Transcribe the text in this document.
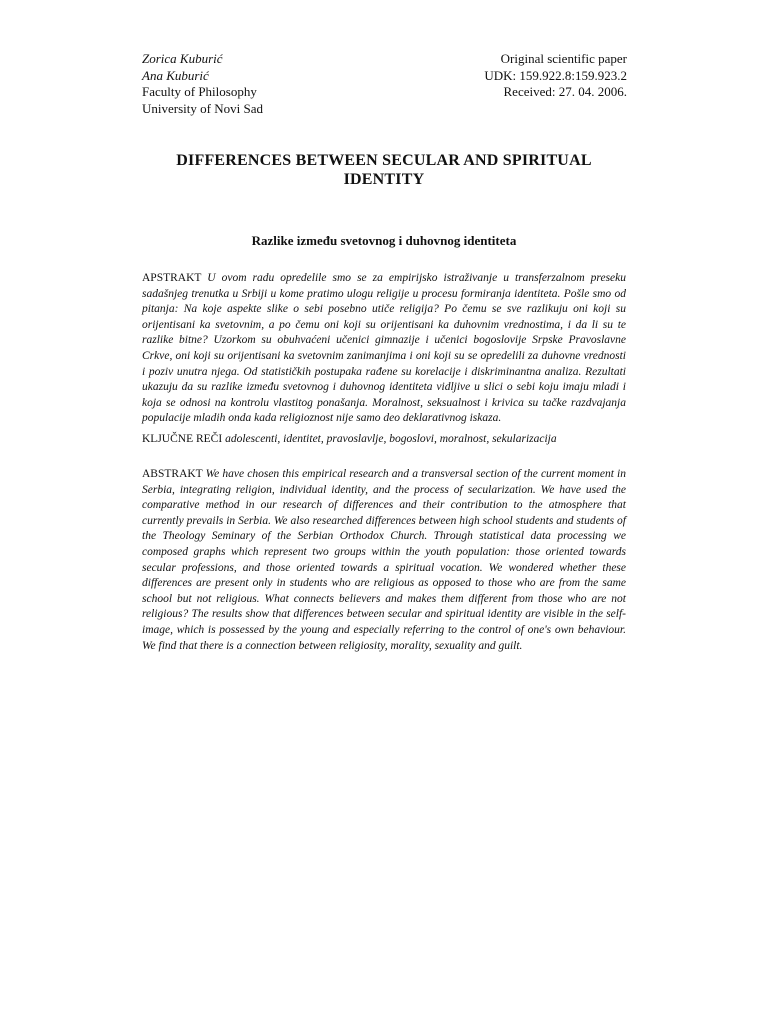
Zorica Kuburić
Ana Kuburić
Faculty of Philosophy
University of Novi Sad
Original scientific paper
UDK: 159.922.8:159.923.2
Received: 27. 04. 2006.
DIFFERENCES BETWEEN SECULAR AND SPIRITUAL IDENTITY
Razlike između svetovnog i duhovnog identiteta
APSTRAKT U ovom radu opredelile smo se za empirijsko istraživanje u transferzalnom preseku sadašnjeg trenutka u Srbiji u kome pratimo ulogu religije u procesu formiranja identiteta. Pošle smo od pitanja: Na koje aspekte slike o sebi posebno utiče religija? Po čemu se sve razlikuju oni koji su orijentisani ka svetovnim, a po čemu oni koji su orijentisani ka duhovnim vrednostima, i da li su te razlike bitne? Uzorkom su obuhvaćeni učenici gimnazije i učenici bogoslovije Srpske Pravoslavne Crkve, oni koji su orijentisani ka svetovnim zanimanjima i oni koji su se opredelili za duhovne vrednosti i poziv unutra njega. Od statističkih postupaka rađene su korelacije i diskriminantna analiza. Rezultati ukazuju da su razlike između svetovnog i duhovnog identiteta vidljive u slici o sebi koju imaju mladi i koja se odnosi na kontrolu vlastitog ponašanja. Moralnost, seksualnost i krivica su tačke razdvajanja populacije mladih onda kada religioznost nije samo deo deklarativnog iskaza.
KLJUČNE REČI adolescenti, identitet, pravoslavlje, bogoslovi, moralnost, sekularizacija
ABSTRAKT We have chosen this empirical research and a transversal section of the current moment in Serbia, integrating religion, individual identity, and the process of secularization. We have used the comparative method in our research of differences and their contribution to the atmosphere that currently prevails in Serbia. We also researched differences between high school students and students of the Theology Seminary of the Serbian Orthodox Church. Through statistical data processing we composed graphs which represent two groups within the youth population: those oriented towards secular professions, and those oriented towards a spiritual vocation. We wondered whether these differences are present only in students who are religious as opposed to those who are from the same school but not religious. What connects believers and makes them different from those who are not religious? The results show that differences between secular and spiritual identity are visible in the self-image, which is possessed by the young and especially referring to the control of one's own behaviour. We find that there is a connection between religiosity, morality, sexuality and guilt.
